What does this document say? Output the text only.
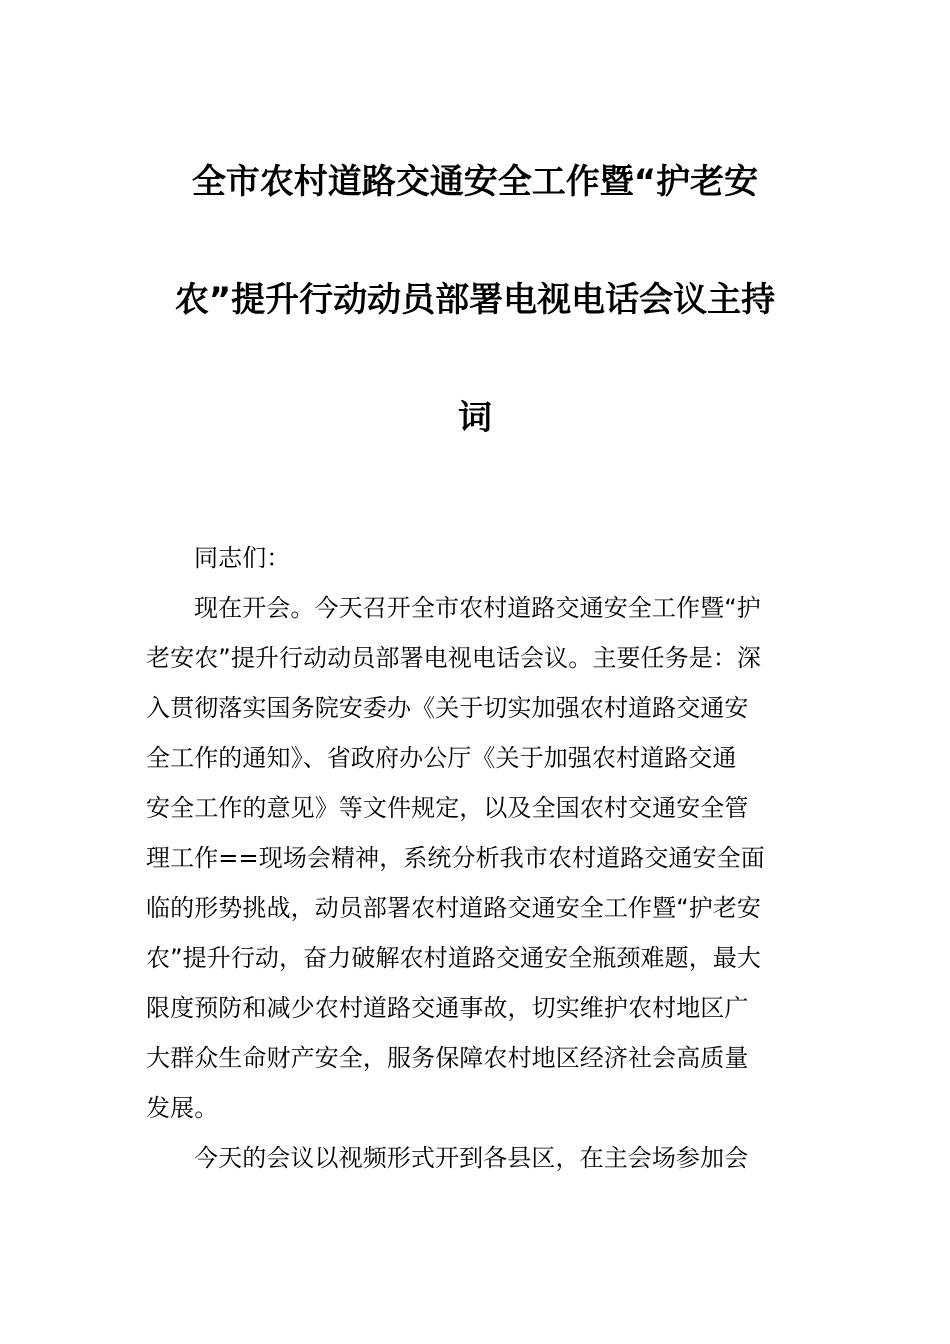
全市农村道路交通安全工作暨“护老安
农”提升行动动员部署电视电话会议主持
词
同志们：
现在开会。今天召开全市农村道路交通安全工作暨“护
老安农”提升行动动员部署电视电话会议。主要任务是：深
入贯彻落实国务院安委办《关于切实加强农村道路交通安
全工作的通知》、省政府办公厅《关于加强农村道路交通
安全工作的意见》等文件规定，以及全国农村交通安全管
理工作==现场会精神，系统分析我市农村道路交通安全面
临的形势挑战，动员部署农村道路交通安全工作暨“护老安
农”提升行动，奋力破解农村道路交通安全瓶颈难题，最大
限度预防和减少农村道路交通事故，切实维护农村地区广
大群众生命财产安全，服务保障农村地区经济社会高质量
发展。
今天的会议以视频形式开到各县区，在主会场参加会
